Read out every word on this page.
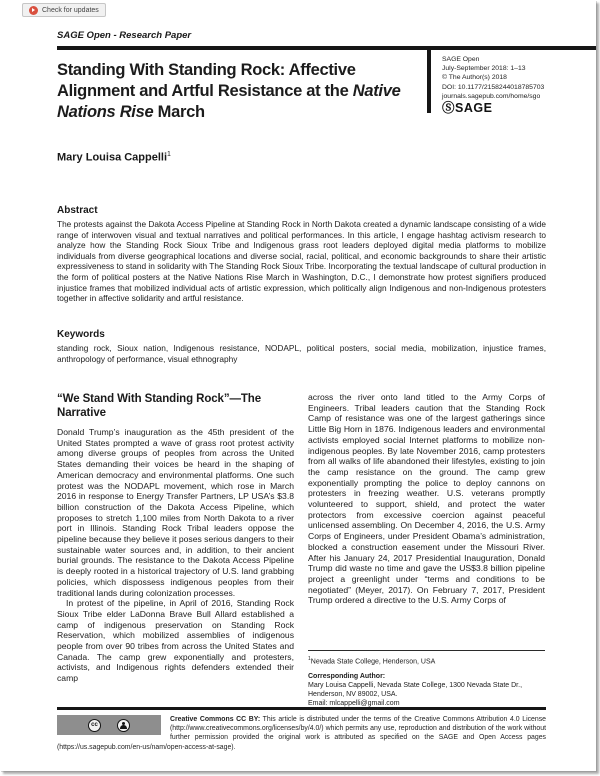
Check for updates
SAGE Open - Research Paper
Standing With Standing Rock: Affective Alignment and Artful Resistance at the Native Nations Rise March
SAGE Open
July-September 2018: 1–13
© The Author(s) 2018
DOI: 10.1177/2158244018785703
journals.sagepub.com/home/sgo
ⓈSAGE
Mary Louisa Cappelli$^1$
Abstract

The protests against the Dakota Access Pipeline at Standing Rock in North Dakota created a dynamic landscape consisting of a wide range of interwoven visual and textual narratives and political performances. In this article, I engage hashtag activism research to analyze how the Standing Rock Sioux Tribe and Indigenous grass root leaders deployed digital media platforms to mobilize individuals from diverse geographical locations and diverse social, racial, political, and economic backgrounds to share their artistic expressiveness to stand in solidarity with The Standing Rock Sioux Tribe. Incorporating the textual landscape of cultural production in the form of political posters at the Native Nations Rise March in Washington, D.C., I demonstrate how protest signifiers produced injustice frames that mobilized individual acts of artistic expression, which politically align Indigenous and non-Indigenous protesters together in affective solidarity and artful resistance.

Keywords

standing rock, Sioux nation, Indigenous resistance, NODAPL, political posters, social media, mobilization, injustice frames, anthropology of performance, visual ethnography

“We Stand With Standing Rock”—The Narrative

Donald Trump’s inauguration as the 45th president of the United States prompted a wave of grass root protest activity among diverse groups of peoples from across the United States demanding their voices be heard in the shaping of American democracy and environmental platforms. One such protest was the NODAPL movement, which rose in March 2016 in response to Energy Transfer Partners, LP USA’s $3.8 billion construction of the Dakota Access Pipeline, which proposes to stretch 1,100 miles from North Dakota to a river port in Illinois. Standing Rock Tribal leaders oppose the pipeline because they believe it poses serious dangers to their sustainable water sources and, in addition, to their ancient burial grounds. The resistance to the Dakota Access Pipeline is deeply rooted in a historical trajectory of U.S. land grabbing policies, which dispossess indigenous peoples from their traditional lands during colonization processes.

In protest of the pipeline, in April of 2016, Standing Rock Sioux Tribe elder LaDonna Brave Bull Allard established a camp of indigenous preservation on Standing Rock Reservation, which mobilized assemblies of indigenous people from over 90 tribes from across the United States and Canada. The camp grew exponentially and protesters, activists, and Indigenous rights defenders extended their camp

across the river onto land titled to the Army Corps of Engineers. Tribal leaders caution that the Standing Rock Camp of resistance was one of the largest gatherings since Little Big Horn in 1876. Indigenous leaders and environmental activists employed social Internet platforms to mobilize non-indigenous peoples. By late November 2016, camp protesters from all walks of life abandoned their lifestyles, existing to join the camp resistance on the ground. The camp grew exponentially prompting the police to deploy cannons on protesters in freezing weather. U.S. veterans promptly volunteered to support, shield, and protect the water protectors from excessive coercion against peaceful unlicensed assembling. On December 4, 2016, the U.S. Army Corps of Engineers, under President Obama’s administration, blocked a construction easement under the Missouri River. After his January 24, 2017 Presidential Inauguration, Donald Trump did waste no time and gave the US$3.8 billion pipeline project a greenlight under “terms and conditions to be negotiated” (Meyer, 2017). On February 7, 2017, President Trump ordered a directive to the U.S. Army Corps of

$^1$Nevada State College, Henderson, USA

Corresponding Author:

Mary Louisa Cappelli, Nevada State College, 1300 Nevada State Dr., Henderson, NV 89002, USA.

Email: mlcappelli@gmail.com

cc

Creative Commons CC BY: This article is distributed under the terms of the Creative Commons Attribution 4.0 License (http://www.creativecommons.org/licenses/by/4.0/) which permits any use, reproduction and distribution of the work without further permission provided the original work is attributed as specified on the SAGE and Open Access pages (https://us.sagepub.com/en-us/nam/open-access-at-sage).
